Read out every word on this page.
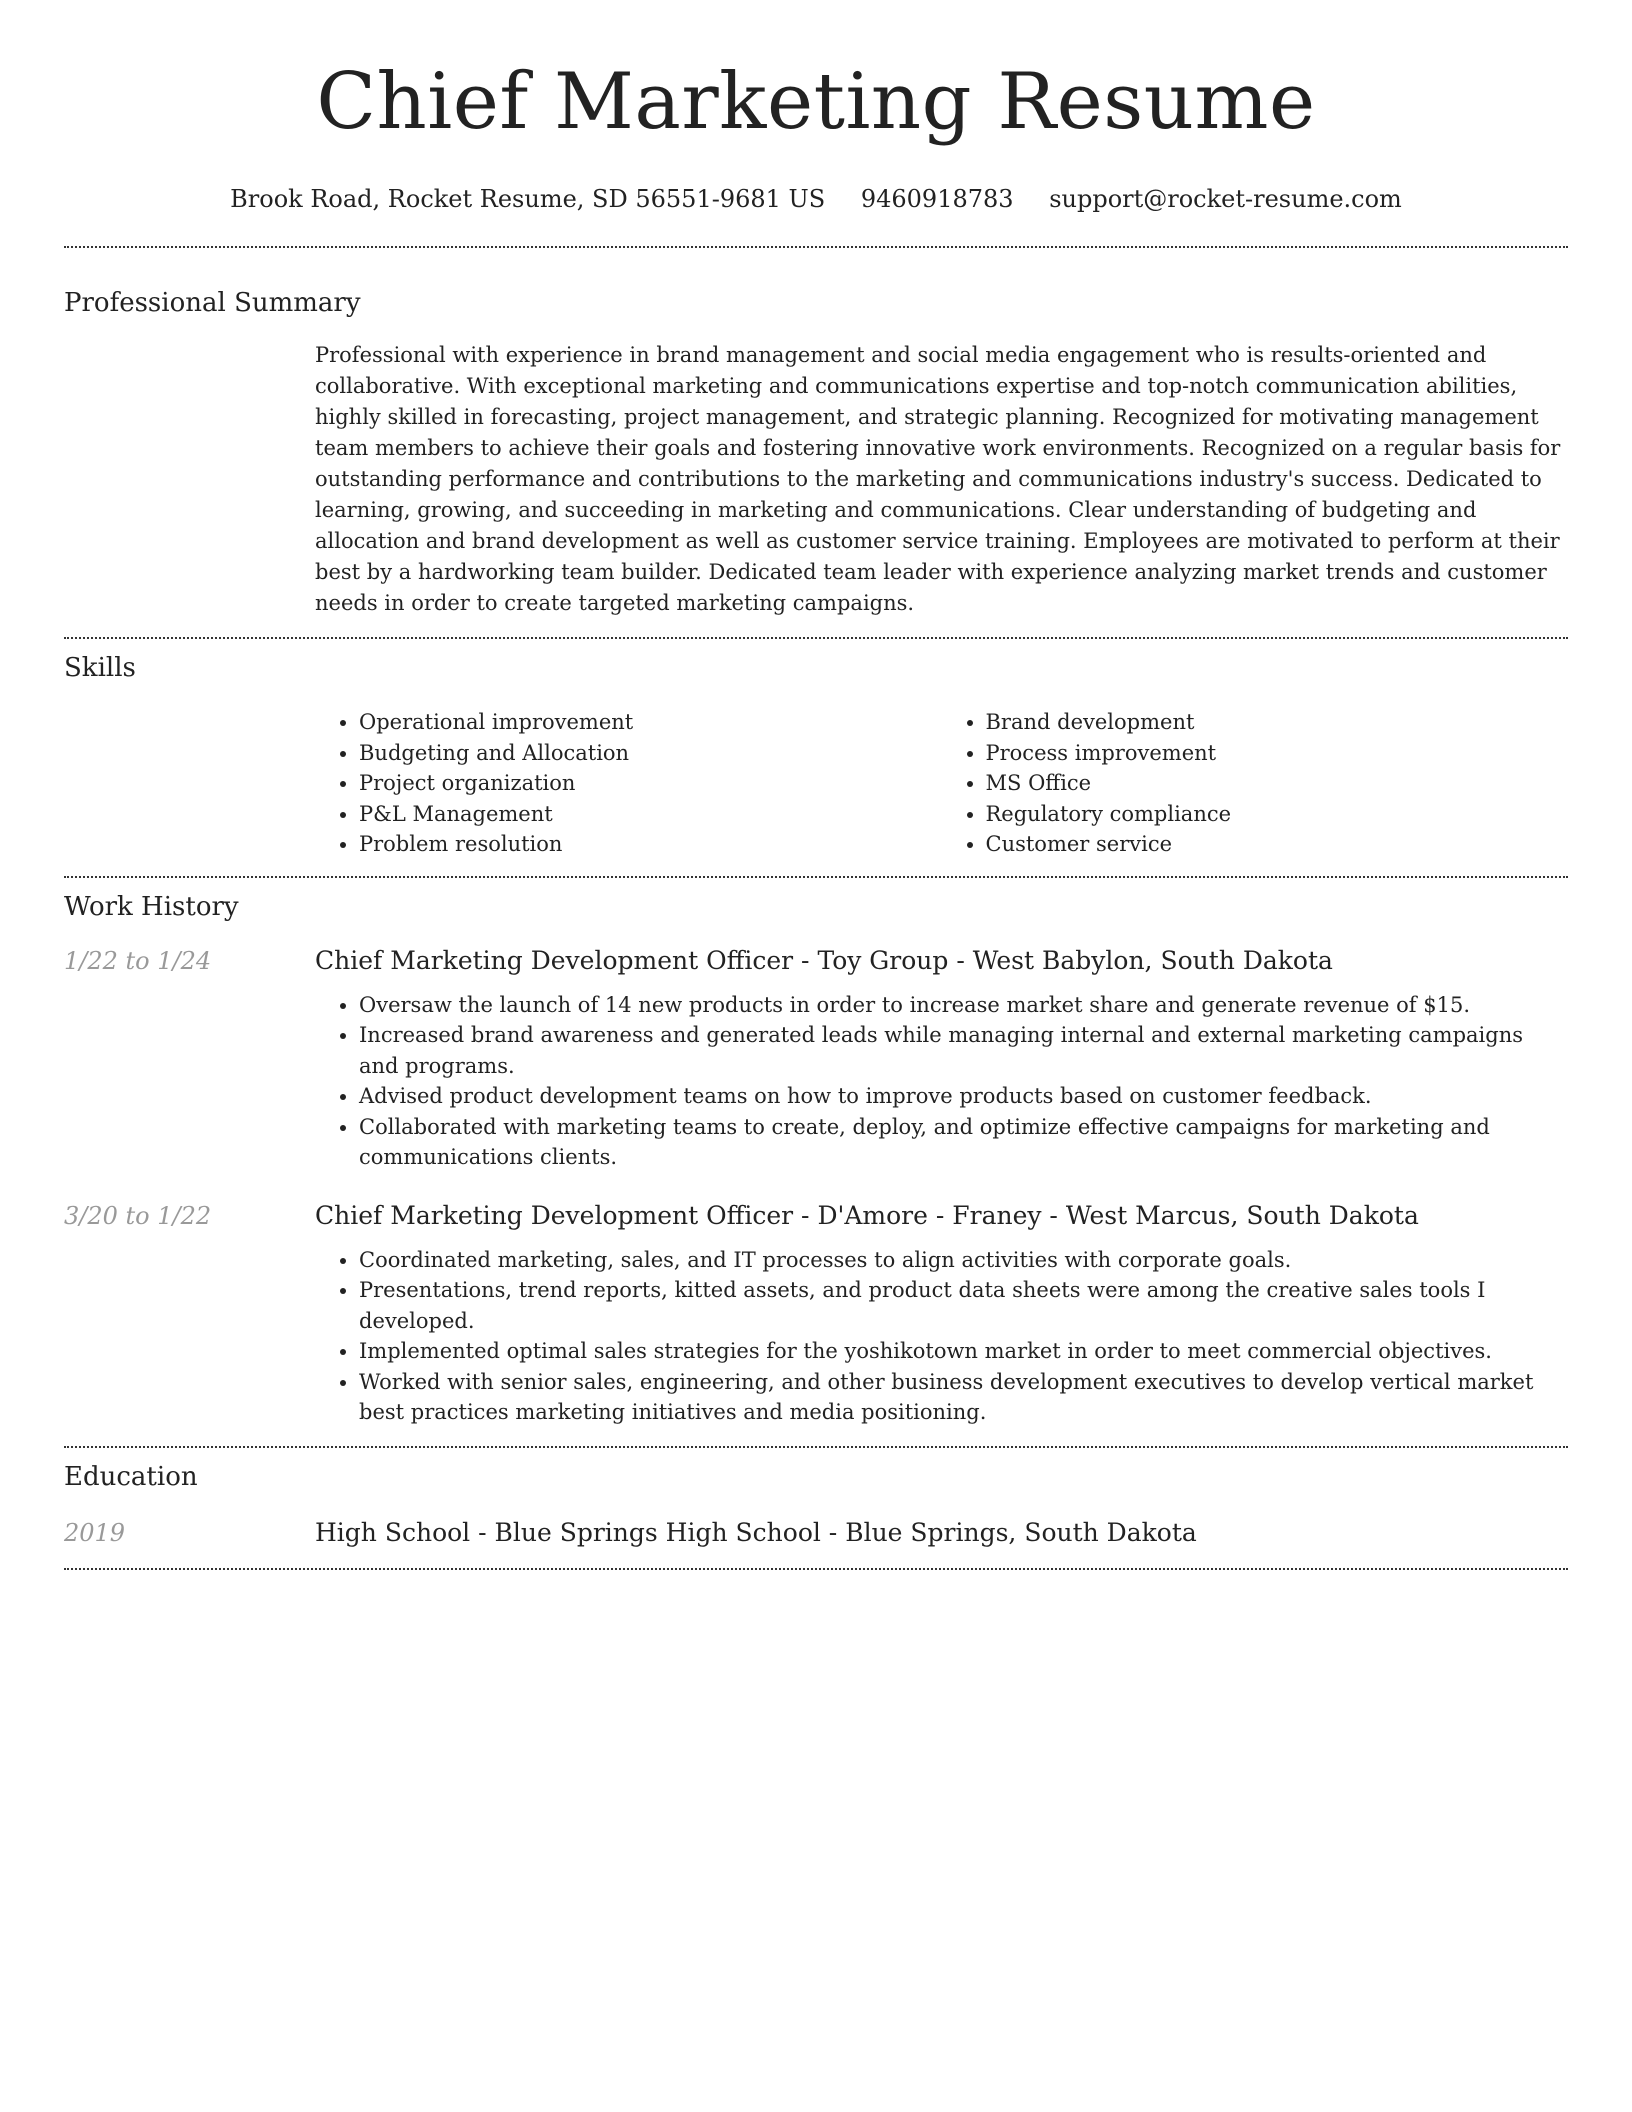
Chief Marketing Resume
Brook Road, Rocket Resume, SD 56551-9681 US 9460918783 support@rocket-resume.com
Professional Summary
Professional with experience in brand management and social media engagement who is results-oriented and collaborative. With exceptional marketing and communications expertise and top-notch communication abilities, highly skilled in forecasting, project management, and strategic planning. Recognized for motivating management team members to achieve their goals and fostering innovative work environments. Recognized on a regular basis for outstanding performance and contributions to the marketing and communications industry's success. Dedicated to learning, growing, and succeeding in marketing and communications. Clear understanding of budgeting and allocation and brand development as well as customer service training. Employees are motivated to perform at their best by a hardworking team builder. Dedicated team leader with experience analyzing market trends and customer needs in order to create targeted marketing campaigns.
Skills
• Operational improvement
• Budgeting and Allocation
• Project organization
• P&L Management
• Problem resolution
• Brand development
• Process improvement
• MS Office
• Regulatory compliance
• Customer service
Work History
1/22 to 1/24	Chief Marketing Development Officer - Toy Group - West Babylon, South Dakota
• Oversaw the launch of 14 new products in order to increase market share and generate revenue of $15.
• Increased brand awareness and generated leads while managing internal and external marketing campaigns and programs.
• Advised product development teams on how to improve products based on customer feedback.
• Collaborated with marketing teams to create, deploy, and optimize effective campaigns for marketing and communications clients.
3/20 to 1/22	Chief Marketing Development Officer - D'Amore - Franey - West Marcus, South Dakota
• Coordinated marketing, sales, and IT processes to align activities with corporate goals.
• Presentations, trend reports, kitted assets, and product data sheets were among the creative sales tools I developed.
• Implemented optimal sales strategies for the yoshikotown market in order to meet commercial objectives.
• Worked with senior sales, engineering, and other business development executives to develop vertical market best practices marketing initiatives and media positioning.
Education
2019	High School - Blue Springs High School - Blue Springs, South Dakota
